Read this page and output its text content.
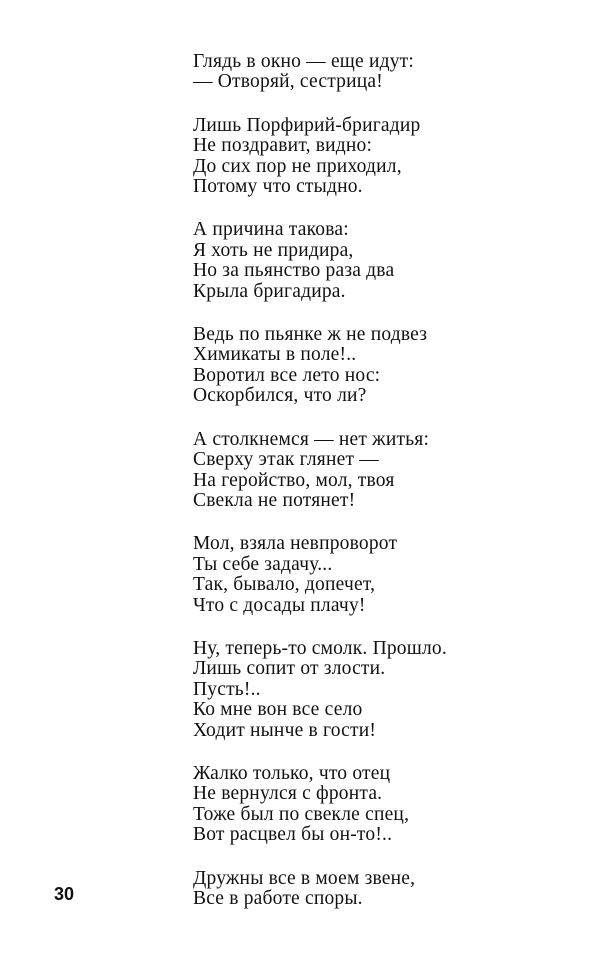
Глядь в окно — еще идут:
— Отворяй, сестрица!
Лишь Порфирий-бригадир
Не поздравит, видно:
До сих пор не приходил,
Потому что стыдно.
А причина такова:
Я хоть не придира,
Но за пьянство раза два
Крыла бригадира.
Ведь по пьянке ж не подвез
Химикаты в поле!..
Воротил все лето нос:
Оскорбился, что ли?
А столкнемся — нет житья:
Сверху этак глянет —
На геройство, мол, твоя
Свекла не потянет!
Мол, взяла невпроворот
Ты себе задачу...
Так, бывало, допечет,
Что с досады плачу!
Ну, теперь-то смолк. Прошло.
Лишь сопит от злости.
Пусть!..
Ко мне вон все село
Ходит нынче в гости!
Жалко только, что отец
Не вернулся с фронта.
Тоже был по свекле спец,
Вот расцвел бы он-то!..
Дружны все в моем звене,
Все в работе споры.
30
